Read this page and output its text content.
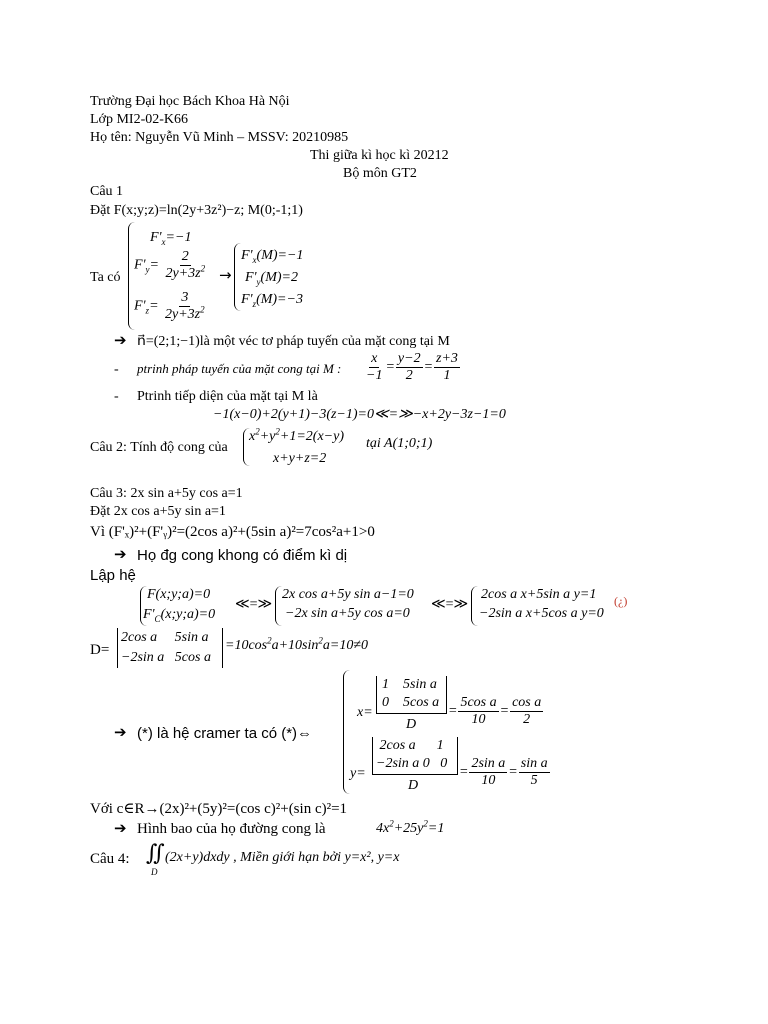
Trường Đại học Bách Khoa Hà Nội
Lớp MI2-02-K66
Họ tên: Nguyễn Vũ Minh – MSSV: 20210985
Thi giữa kì học kì 20212
Bộ môn GT2
Câu 1
Đặt F(x;y;z)=ln(2y+3z²)−z; M(0;-1;1)
Ta có
$F'_x=-1$
$F'_y= \frac{2}{2y+3z^2}$ →
$F'_z= \frac{3}{2y+3z^2}$
$F'_x(M)=-1$
$F'_y(M)=2$
$F'_z(M)=-3$
➔ n⃗=(2;1;−1)là một véc tơ pháp tuyến của mặt cong tại M
- ptrinh pháp tuyến của mặt cong tại M : $\frac{x}{-1} = \frac{y-2}{2} = \frac{z+3}{1}$
- Ptrinh tiếp diện của mặt tại M là
−1(x−0)+2(y+1)−3(z−1)=0≪=≫−x+2y−3z−1=0
Câu 2: Tính độ cong của
$x^2+y^2+1=2(x-y)$
x+y+z=2
tại A(1;0;1)
Câu 3: 2x sin a+5y cos a=1
Đặt 2x cos a+5y sin a=1
Vì (F'ₓ)²+(F'ᵧ)²=(2cos a)²+(5sin a)²=7cos²a+1>0
➔ Họ đg cong khong có điểm kì dị
Lập hệ
F(x;y;a)=0
$F'_C(x;y;a)=0$
≪=≫
2x cos a+5y sin a−1=0
−2x sin a+5y cos a=0
≪=≫
2cos a x+5sin a y=1
−2sin a x+5cos a y=0
(¿)
D=
2cos a     5sin a
−2sin a   5cos a
$=10\cos^2a+10\sin^2a=10\ne 0$
➔ (*) là hệ cramer ta có (*)⇔
x=
1    5sin a
0    5cos a
D
= $\frac{\text{5cos a}}{10} = \frac{\text{cos a}}{2}$
y=
2cos a      1
−2sin a 0   0
D
= $\frac{\text{2sin a}}{10} = \frac{\text{sin a}}{5}$
Với c∈R→(2x)²+(5y)²=(cos c)²+(sin c)²=1
➔ Hình bao của họ đường cong là	$4x^2+25y^2=1$
Câu 4: ∬
D
(2x+y)dxdy , Miền giới hạn bởi y=x², y=x
